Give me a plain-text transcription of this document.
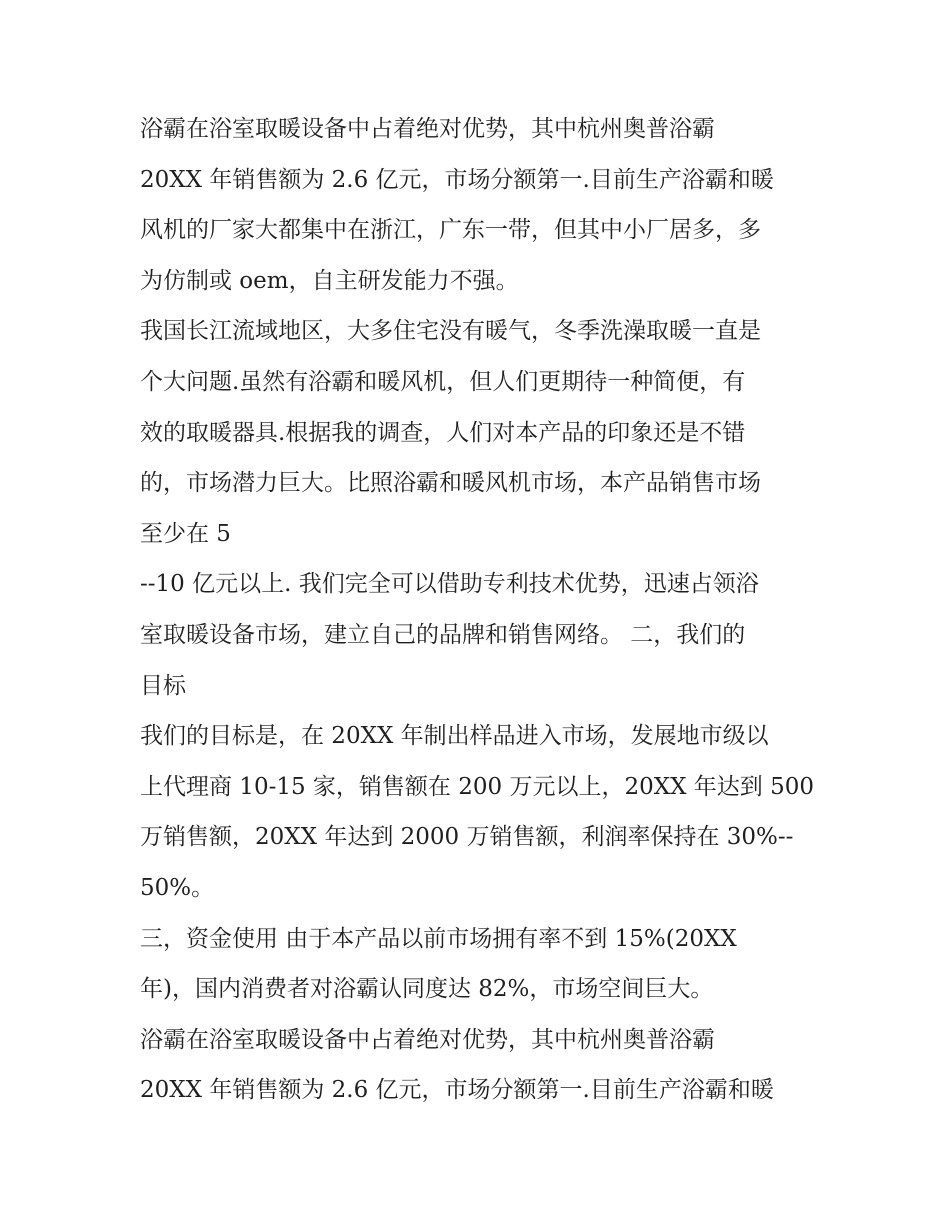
浴霸在浴室取暖设备中占着绝对优势，其中杭州奥普浴霸
20XX 年销售额为 2.6 亿元，市场分额第一.目前生产浴霸和暖
风机的厂家大都集中在浙江，广东一带，但其中小厂居多，多
为仿制或 oem，自主研发能力不强。
我国长江流域地区，大多住宅没有暖气，冬季洗澡取暖一直是
个大问题.虽然有浴霸和暖风机，但人们更期待一种简便，有
效的取暖器具.根据我的调查，人们对本产品的印象还是不错
的，市场潜力巨大。比照浴霸和暖风机市场，本产品销售市场
至少在 5
--10 亿元以上. 我们完全可以借助专利技术优势，迅速占领浴
室取暖设备市场，建立自己的品牌和销售网络。 二，我们的
目标
我们的目标是，在 20XX 年制出样品进入市场，发展地市级以
上代理商 10-15 家，销售额在 200 万元以上，20XX 年达到 500
万销售额，20XX 年达到 2000 万销售额，利润率保持在 30%--
50%。
三，资金使用 由于本产品以前市场拥有率不到 15%(20XX
年)，国内消费者对浴霸认同度达 82%，市场空间巨大。
浴霸在浴室取暖设备中占着绝对优势，其中杭州奥普浴霸
20XX 年销售额为 2.6 亿元，市场分额第一.目前生产浴霸和暖
